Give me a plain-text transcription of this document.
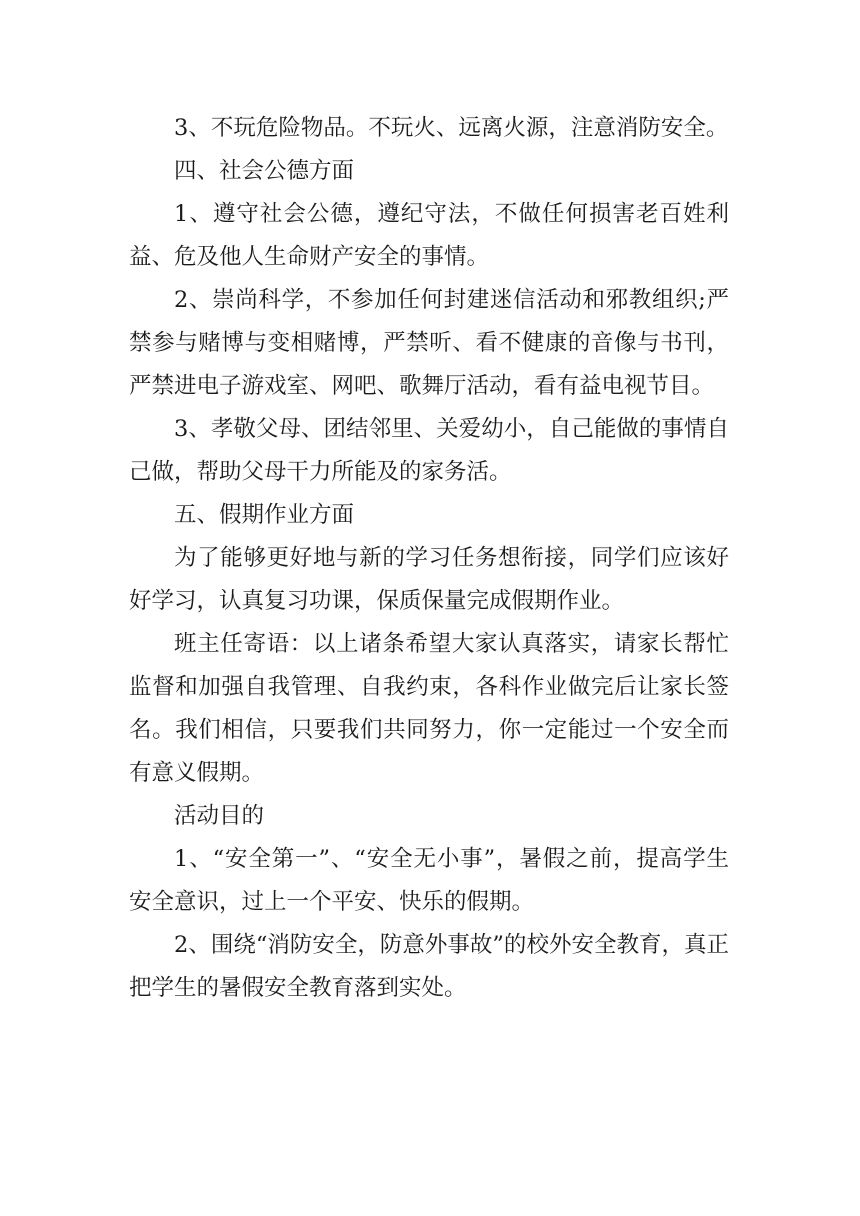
3、不玩危险物品。不玩火、远离火源，注意消防安全。

四、社会公德方面

1、遵守社会公德，遵纪守法，不做任何损害老百姓利益、危及他人生命财产安全的事情。

2、崇尚科学，不参加任何封建迷信活动和邪教组织;严禁参与赌博与变相赌博，严禁听、看不健康的音像与书刊，严禁进电子游戏室、网吧、歌舞厅活动，看有益电视节目。

3、孝敬父母、团结邻里、关爱幼小，自己能做的事情自己做，帮助父母干力所能及的家务活。

五、假期作业方面

为了能够更好地与新的学习任务想衔接，同学们应该好好学习，认真复习功课，保质保量完成假期作业。

班主任寄语：以上诸条希望大家认真落实，请家长帮忙监督和加强自我管理、自我约束，各科作业做完后让家长签名。我们相信，只要我们共同努力，你一定能过一个安全而有意义假期。

活动目的

1、“安全第一”、“安全无小事”，暑假之前，提高学生安全意识，过上一个平安、快乐的假期。

2、围绕“消防安全，防意外事故”的校外安全教育，真正把学生的暑假安全教育落到实处。
